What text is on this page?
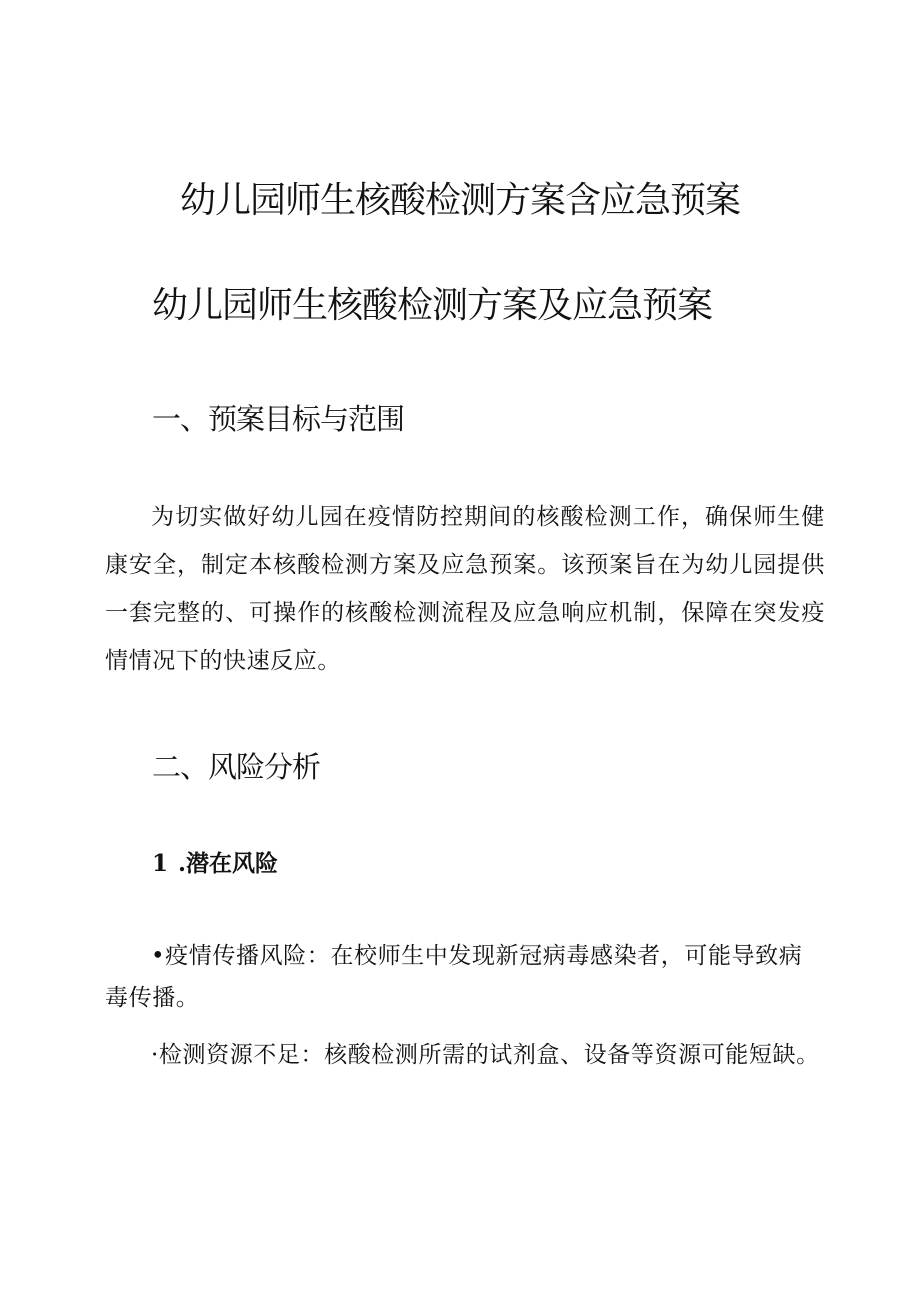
幼儿园师生核酸检测方案含应急预案
幼儿园师生核酸检测方案及应急预案
一、预案目标与范围

为切实做好幼儿园在疫情防控期间的核酸检测工作，确保师生健康安全，制定本核酸检测方案及应急预案。该预案旨在为幼儿园提供一套完整的、可操作的核酸检测流程及应急响应机制，保障在突发疫情情况下的快速反应。

二、风险分析
1 .潜在风险

•疫情传播风险：在校师生中发现新冠病毒感染者，可能导致病毒传播。

·检测资源不足：核酸检测所需的试剂盒、设备等资源可能短缺。
